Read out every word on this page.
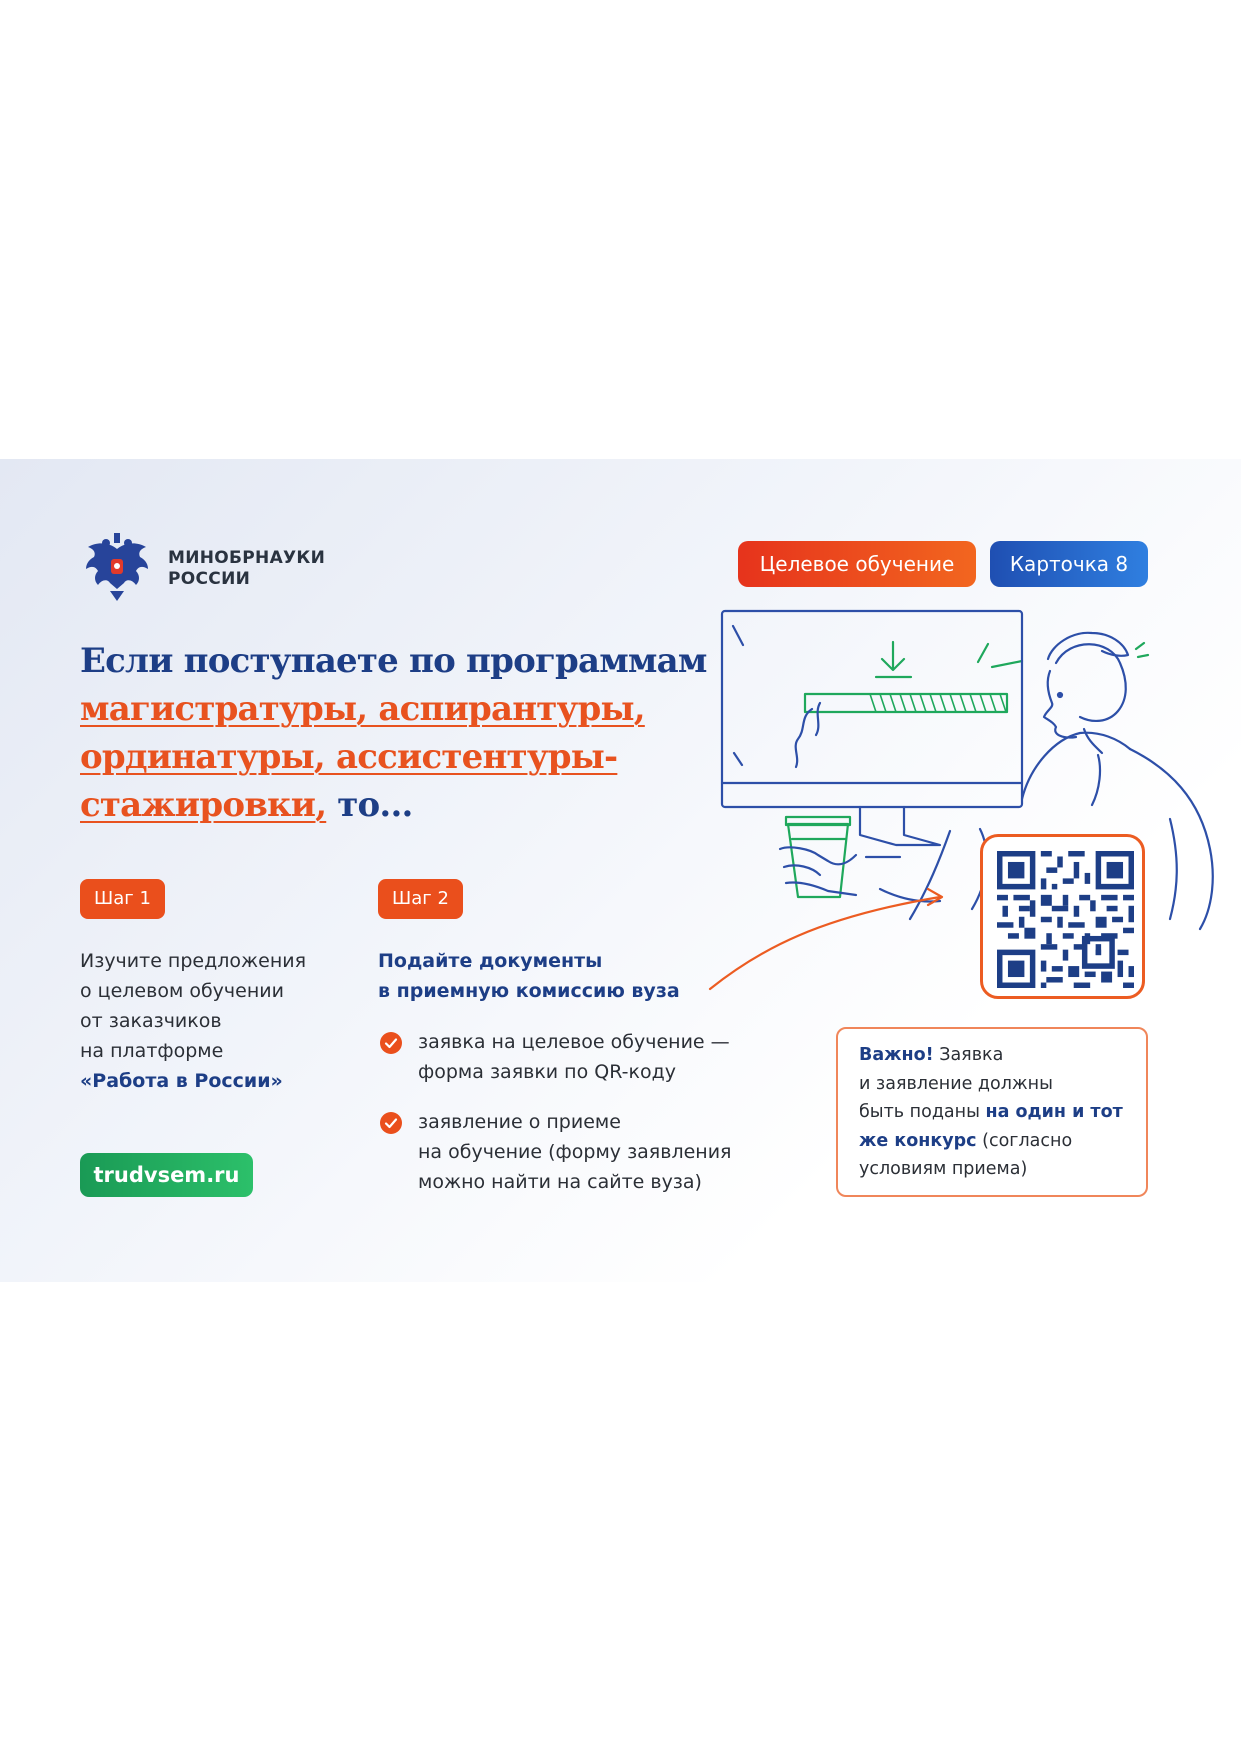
МИНОБРНАУКИ
РОССИИ
Целевое обучение	Карточка 8
Если поступаете по программам
магистратуры, аспирантуры,
ординатуры, ассистентуры-
стажировки, то...
Шаг 1
Изучите предложения
о целевом обучении
от заказчиков
на платформе
«Работа в России»
trudvsem.ru
Шаг 2
Подайте документы
в приемную комиссию вуза
заявка на целевое обучение —
форма заявки по QR-коду
заявление о приеме
на обучение (форму заявления
можно найти на сайте вуза)
Важно! Заявка
и заявление должны
быть поданы на один и тот
же конкурс (согласно
условиям приема)
